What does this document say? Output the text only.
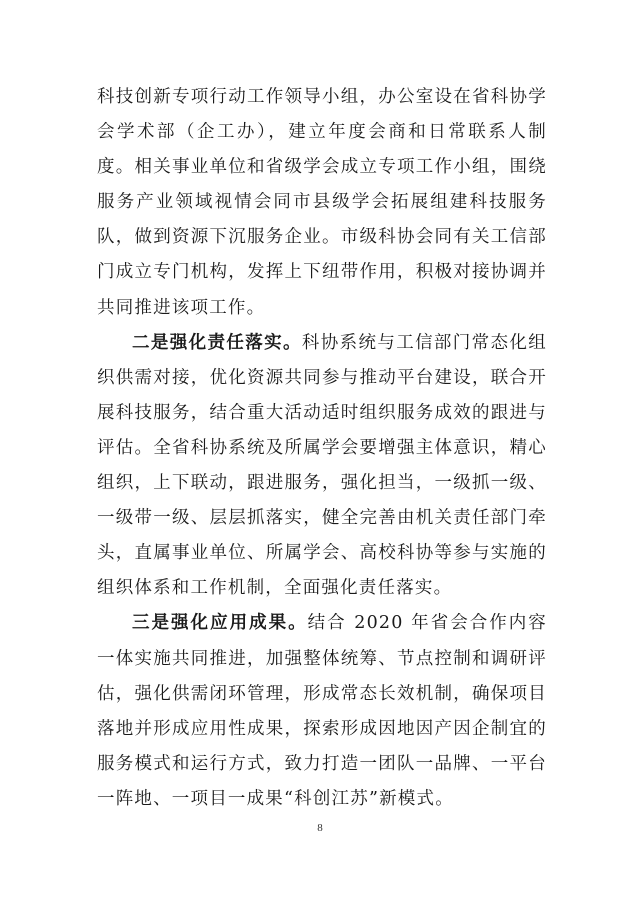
科技创新专项行动工作领导小组，办公室设在省科协学会学术部（企工办），建立年度会商和日常联系人制度。相关事业单位和省级学会成立专项工作小组，围绕服务产业领域视情会同市县级学会拓展组建科技服务队，做到资源下沉服务企业。市级科协会同有关工信部门成立专门机构，发挥上下纽带作用，积极对接协调并共同推进该项工作。

二是强化责任落实。科协系统与工信部门常态化组织供需对接，优化资源共同参与推动平台建设，联合开展科技服务，结合重大活动适时组织服务成效的跟进与评估。全省科协系统及所属学会要增强主体意识，精心组织，上下联动，跟进服务，强化担当，一级抓一级、一级带一级、层层抓落实，健全完善由机关责任部门牵头，直属事业单位、所属学会、高校科协等参与实施的组织体系和工作机制，全面强化责任落实。

三是强化应用成果。结合 2020 年省会合作内容一体实施共同推进，加强整体统筹、节点控制和调研评估，强化供需闭环管理，形成常态长效机制，确保项目落地并形成应用性成果，探索形成因地因产因企制宜的服务模式和运行方式，致力打造一团队一品牌、一平台一阵地、一项目一成果“科创江苏”新模式。

8
